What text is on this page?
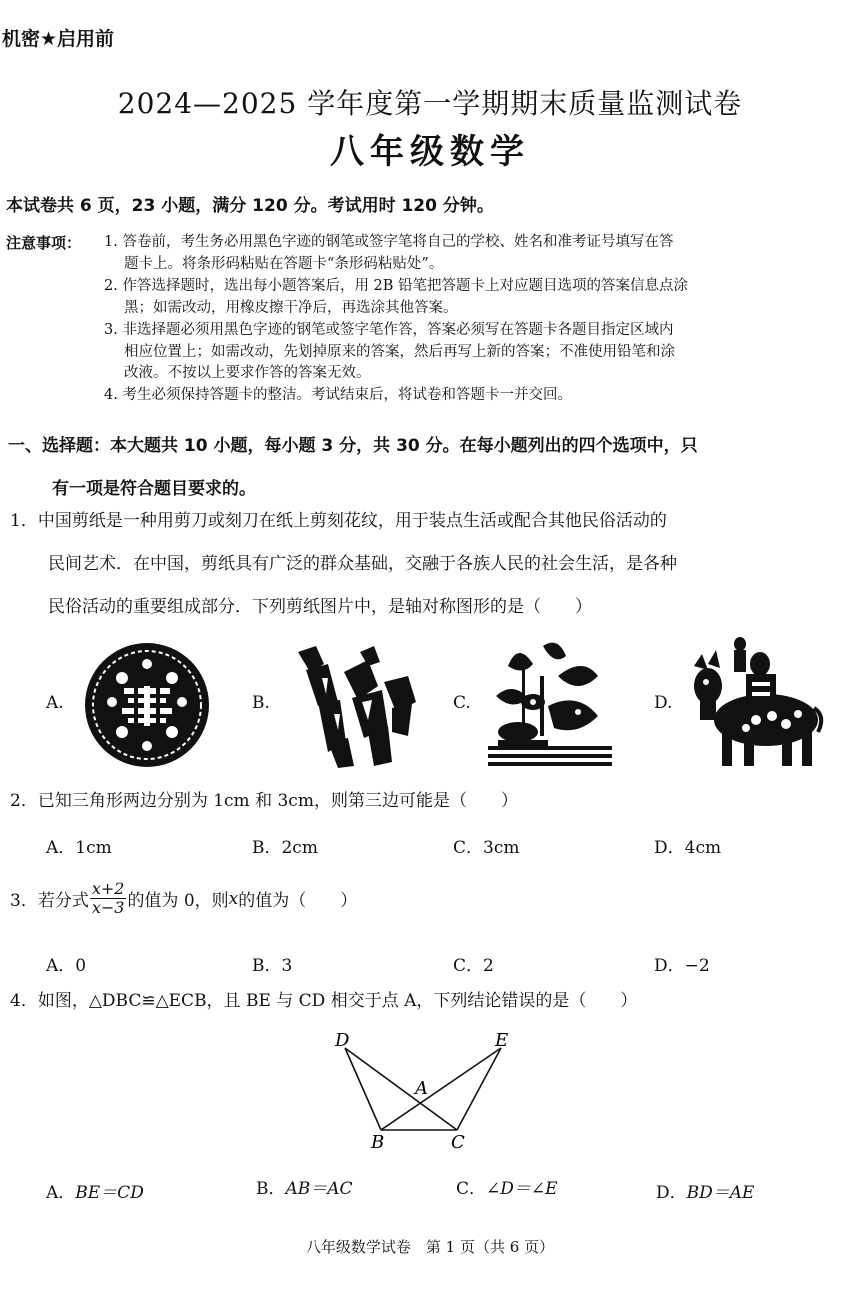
机密★启用前
2024—2025 学年度第一学期期末质量监测试卷
八年级数学
本试卷共 6 页，23 小题，满分 120 分。考试用时 120 分钟。
注意事项： 1. 答卷前，考生务必用黑色字迹的钢笔或签字笔将自己的学校、姓名和准考证号填写在答
题卡上。将条形码粘贴在答题卡“条形码粘贴处”。
2. 作答选择题时，选出每小题答案后，用 2B 铅笔把答题卡上对应题目选项的答案信息点涂
黑；如需改动，用橡皮擦干净后，再选涂其他答案。
3. 非选择题必须用黑色字迹的钢笔或签字笔作答，答案必须写在答题卡各题目指定区域内
相应位置上；如需改动，先划掉原来的答案，然后再写上新的答案；不准使用铅笔和涂
改液。不按以上要求作答的答案无效。
4. 考生必须保持答题卡的整洁。考试结束后，将试卷和答题卡一并交回。
一、选择题：本大题共 10 小题，每小题 3 分，共 30 分。在每小题列出的四个选项中，只
有一项是符合题目要求的。
1．中国剪纸是一种用剪刀或刻刀在纸上剪刻花纹，用于装点生活或配合其他民俗活动的
民间艺术．在中国，剪纸具有广泛的群众基础，交融于各族人民的社会生活，是各种
民俗活动的重要组成部分．下列剪纸图片中，是轴对称图形的是（　　）
A.	B.	C.	D.
2．已知三角形两边分别为 1cm 和 3cm，则第三边可能是（　　）
A．1cm	B．2cm	C．3cm	D．4cm
3．若分式 $\frac{x+2}{x-3}$ 的值为 0，则 x 的值为（　　）
A．0	B．3	C．2	D．−2
4．如图，△DBC≌△ECB，且 BE 与 CD 相交于点 A，下列结论错误的是（　　）
D	E
A
B	C
A．BE＝CD	B．AB＝AC	C．∠D＝∠E	D．BD＝AE
八年级数学试卷　第 1 页（共 6 页）
